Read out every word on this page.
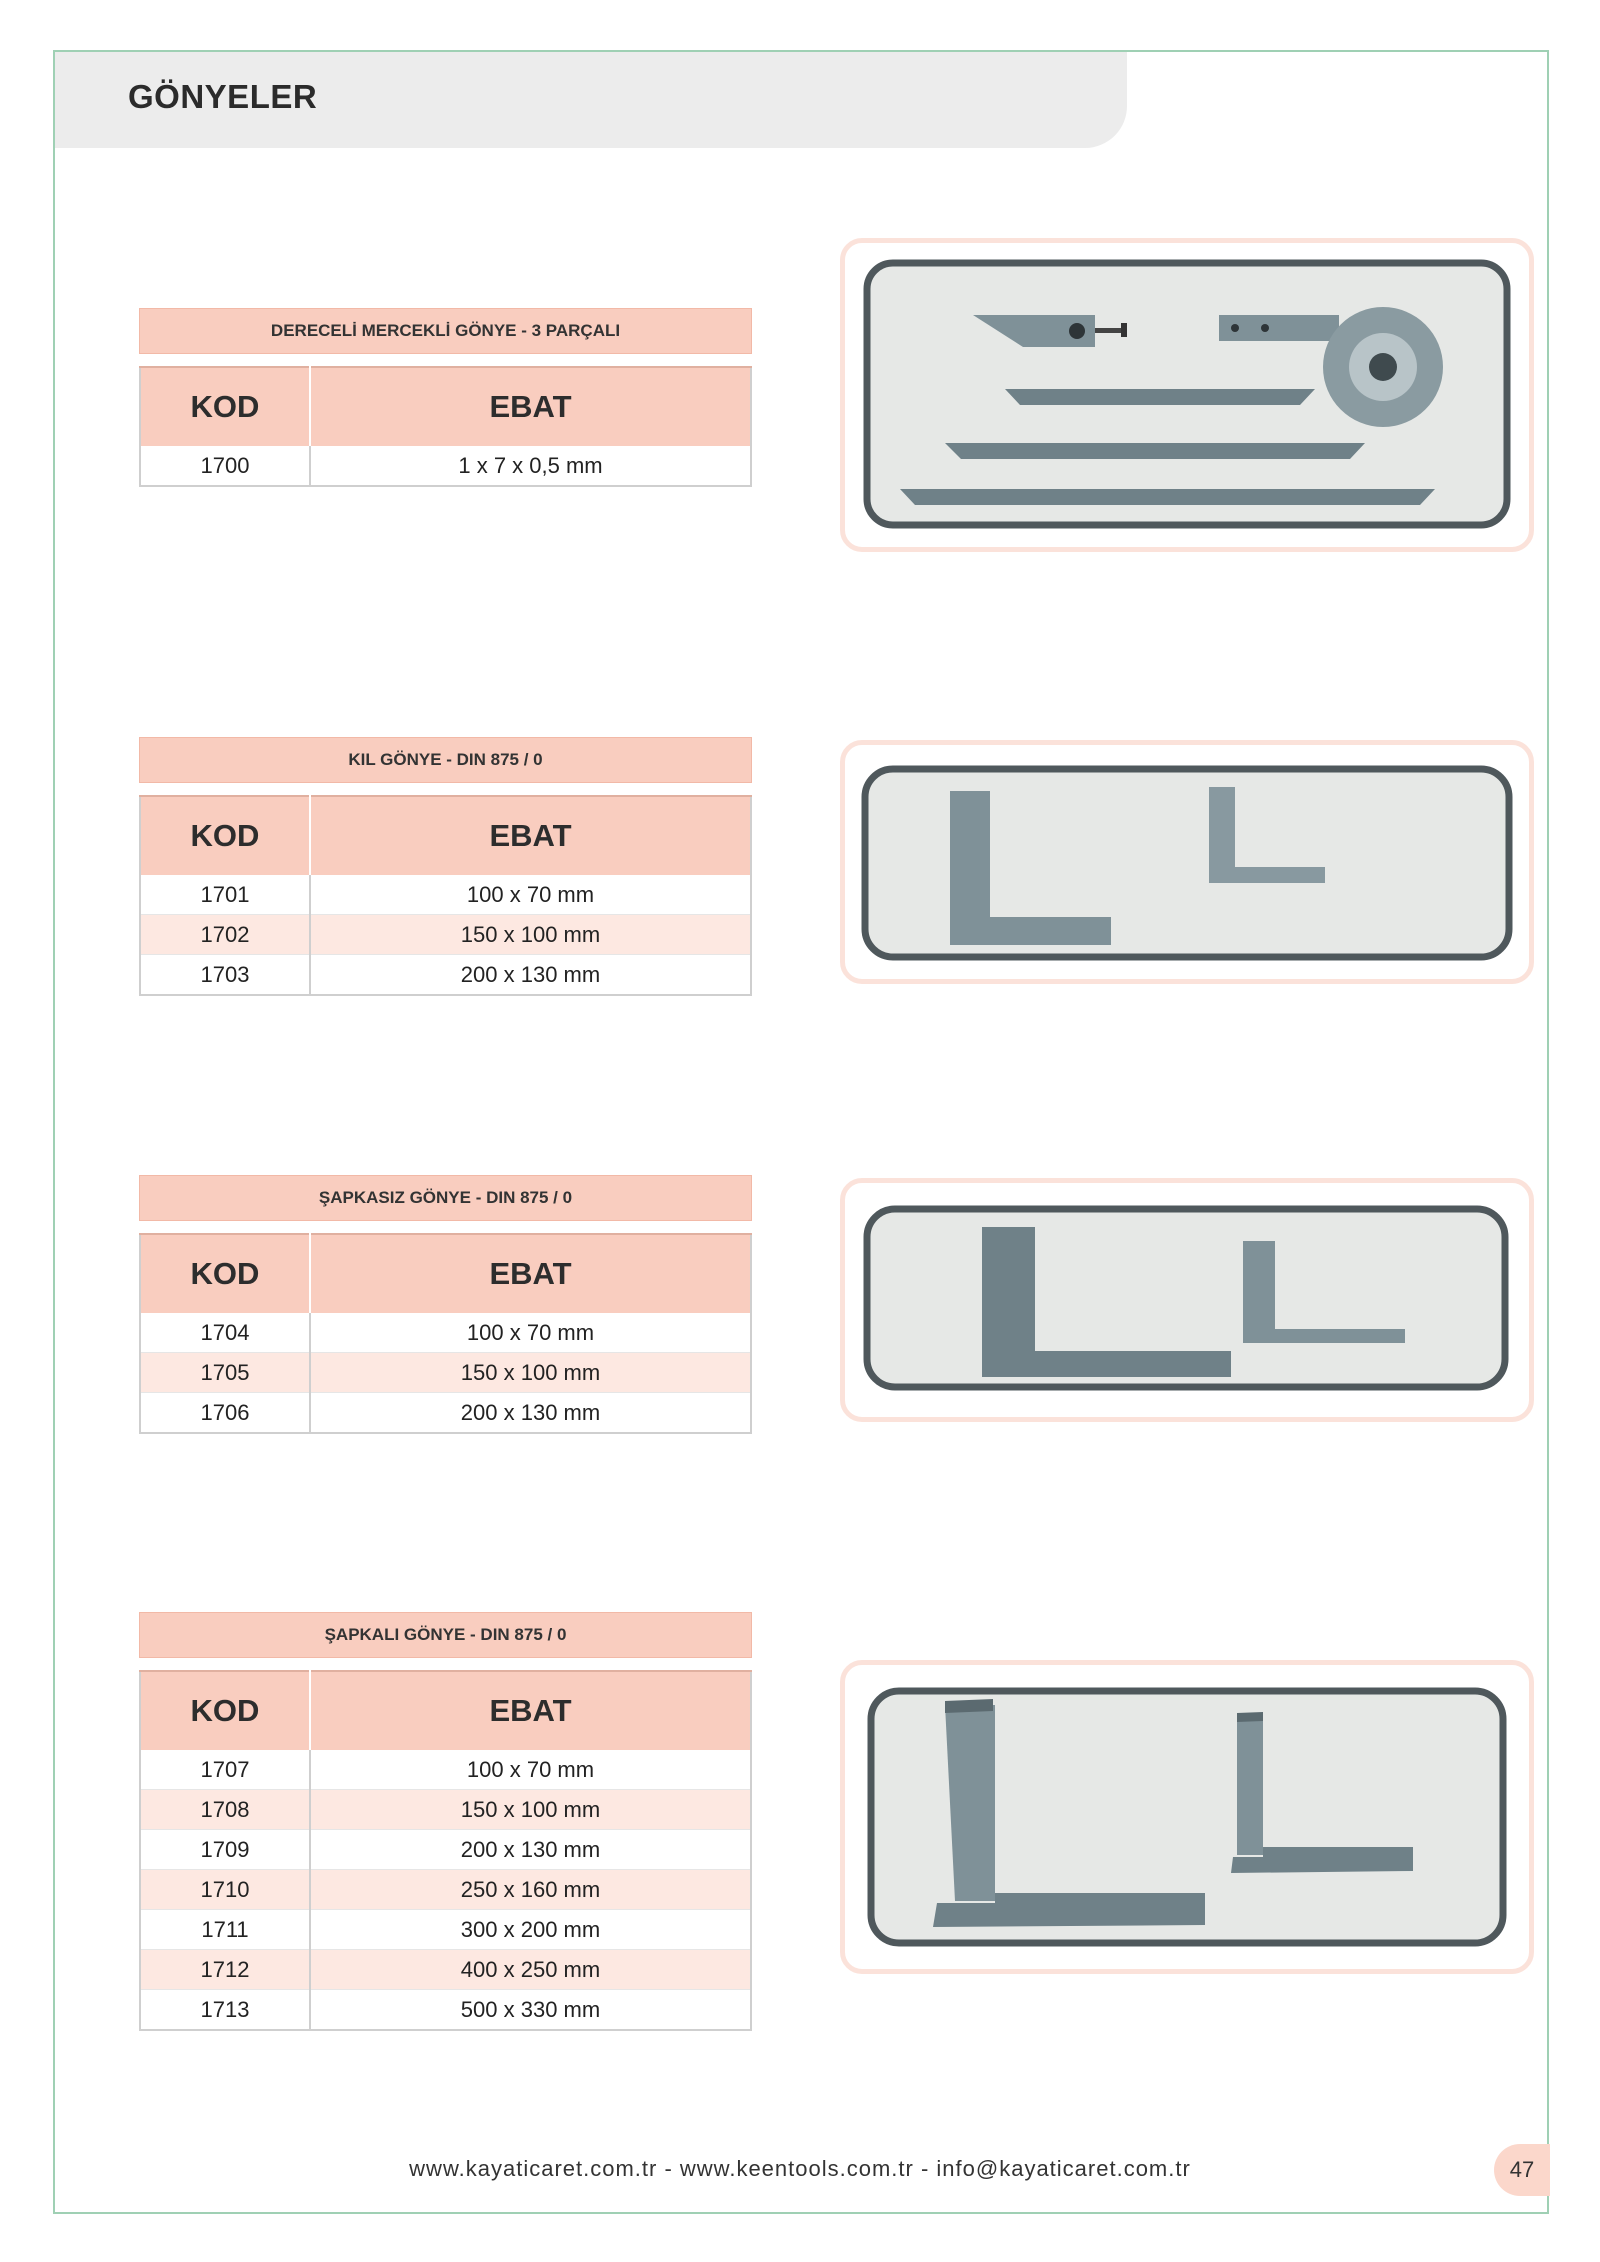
GÖNYELER
DERECELİ MERCEKLİ GÖNYE - 3 PARÇALI
KOD	EBAT
1700	1 x 7 x 0,5 mm
KIL GÖNYE - DIN 875 / 0
KOD	EBAT
1701	100 x 70 mm
1702	150 x 100 mm
1703	200 x 130 mm
ŞAPKASIZ GÖNYE - DIN 875 / 0
KOD	EBAT
1704	100 x 70 mm
1705	150 x 100 mm
1706	200 x 130 mm
ŞAPKALI GÖNYE - DIN 875 / 0
KOD	EBAT
1707	100 x 70 mm
1708	150 x 100 mm
1709	200 x 130 mm
1710	250 x 160 mm
1711	300 x 200 mm
1712	400 x 250 mm
1713	500 x 330 mm
www.kayaticaret.com.tr - www.keentools.com.tr - info@kayaticaret.com.tr	47
